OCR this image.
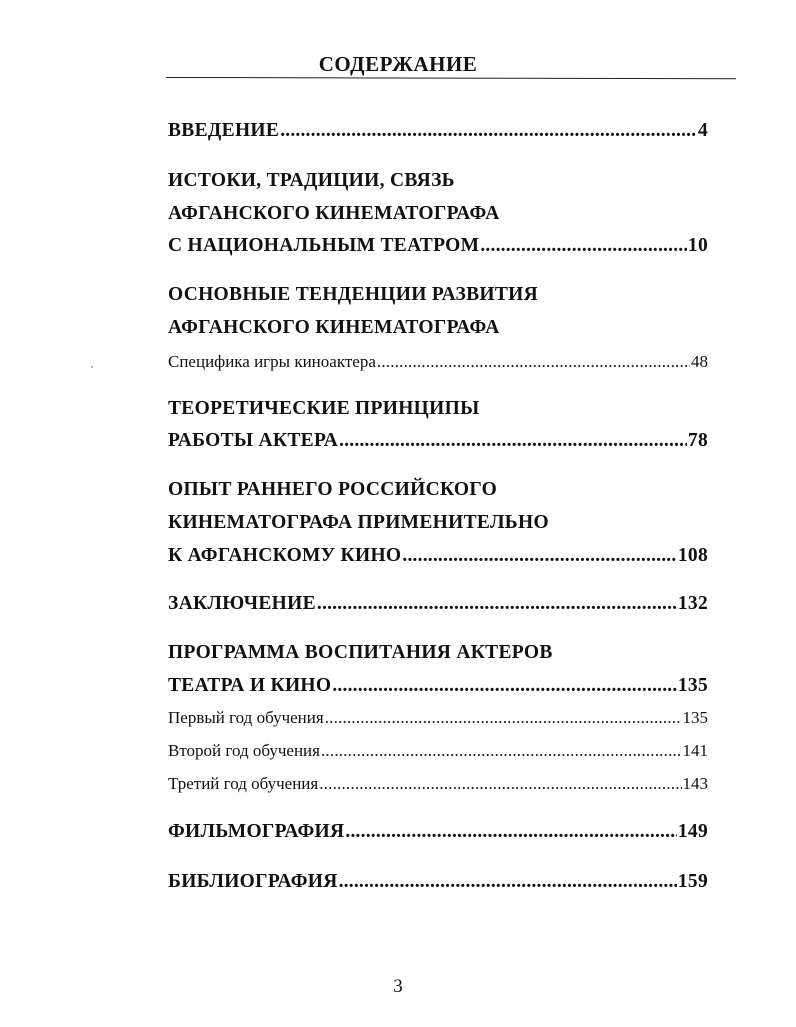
СОДЕРЖАНИЕ
ВВЕДЕНИЕ .....	4
ИСТОКИ, ТРАДИЦИИ, СВЯЗЬ
АФГАНСКОГО КИНЕМАТОГРАФА
С НАЦИОНАЛЬНЫМ ТЕАТРОМ .....	10
ОСНОВНЫЕ ТЕНДЕНЦИИ РАЗВИТИЯ
АФГАНСКОГО КИНЕМАТОГРАФА
Специфика игры киноактера .....	48
ТЕОРЕТИЧЕСКИЕ ПРИНЦИПЫ
РАБОТЫ АКТЕРА .....	78
ОПЫТ РАННЕГО РОССИЙСКОГО
КИНЕМАТОГРАФА ПРИМЕНИТЕЛЬНО
К АФГАНСКОМУ КИНО .....	108
ЗАКЛЮЧЕНИЕ .....	132
ПРОГРАММА ВОСПИТАНИЯ АКТЕРОВ
ТЕАТРА И КИНО .....	135
Первый год обучения .....	135
Второй год обучения .....	141
Третий год обучения .....	143
ФИЛЬМОГРАФИЯ .....	149
БИБЛИОГРАФИЯ .....	159
3
